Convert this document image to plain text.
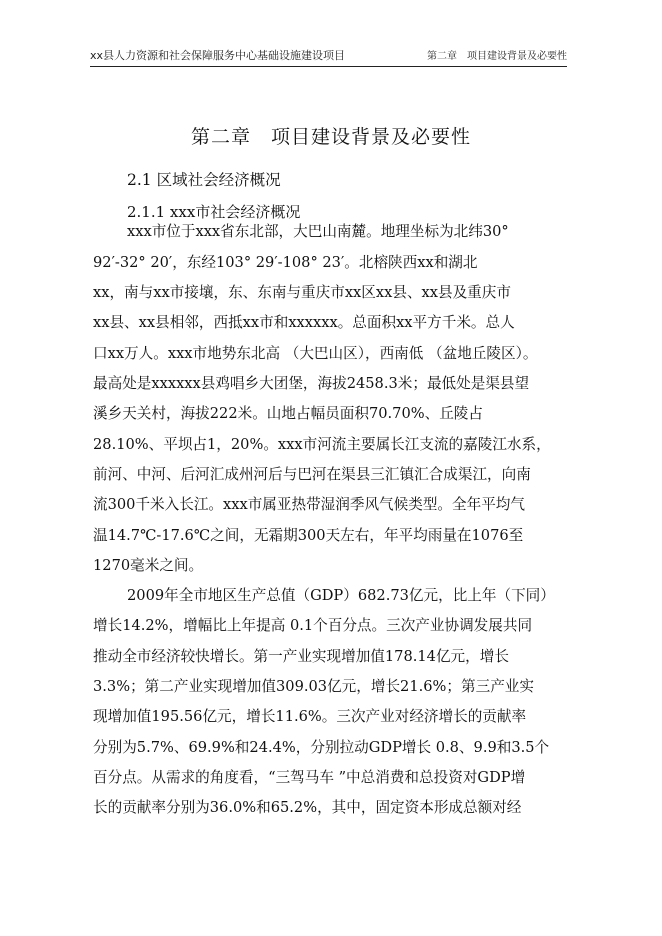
xx县人力资源和社会保障服务中心基础设施建设项目	第二章　项目建设背景及必要性
第二章　项目建设背景及必要性
2.1 区域社会经济概况
2.1.1 xxx市社会经济概况
xxx市位于xxx省东北部，大巴山南麓。地理坐标为北纬30°
92′-32° 20′，东经103° 29′-108° 23′。北榕陕西xx和湖北
xx，南与xx市接壤，东、东南与重庆市xx区xx县、xx县及重庆市
xx县、xx县相邻，西抵xx市和xxxxxx。总面积xx平方千米。总人
口xx万人。xxx市地势东北高 （大巴山区），西南低 （盆地丘陵区）。
最高处是xxxxxx县鸡唱乡大团堡，海拔2458.3米；最低处是渠县望
溪乡天关村，海拔222米。山地占幅员面积70.70%、丘陵占
28.10%、平坝占1，20%。xxx市河流主要属长江支流的嘉陵江水系，
前河、中河、后河汇成州河后与巴河在渠县三汇镇汇合成渠江，向南
流300千米入长江。xxx市属亚热带湿润季风气候类型。全年平均气
温14.7℃-17.6℃之间，无霜期300天左右，年平均雨量在1076至
1270毫米之间。
2009年全市地区生产总值（GDP）682.73亿元，比上年（下同）
增长14.2%，增幅比上年提高 0.1个百分点。三次产业协调发展共同
推动全市经济较快增长。第一产业实现增加值178.14亿元，增长
3.3%；第二产业实现增加值309.03亿元，增长21.6%；第三产业实
现增加值195.56亿元，增长11.6%。三次产业对经济增长的贡献率
分别为5.7%、69.9%和24.4%，分别拉动GDP增长 0.8、9.9和3.5个
百分点。从需求的角度看，“三驾马车 ”中总消费和总投资对GDP增
长的贡献率分别为36.0%和65.2%，其中，固定资本形成总额对经
